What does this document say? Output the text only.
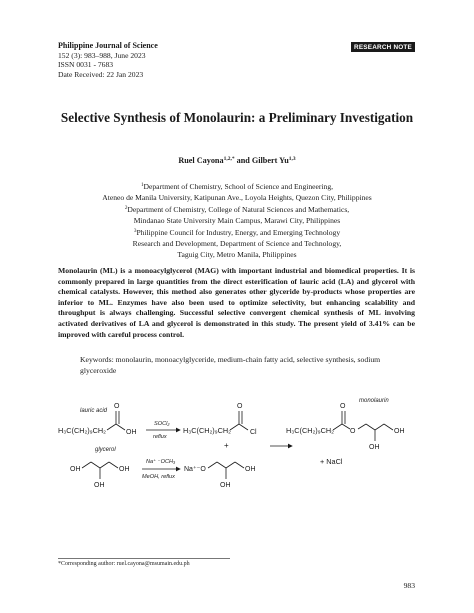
Philippine Journal of Science
152 (3): 983–988, June 2023
ISSN 0031 - 7683
Date Received: 22 Jan 2023
RESEARCH NOTE
Selective Synthesis of Monolaurin: a Preliminary Investigation
Ruel Cayona$^{1,2,*}$ and Gilbert Yu$^{1,3}$
$^1$Department of Chemistry, School of Science and Engineering,
Ateneo de Manila University, Katipunan Ave., Loyola Heights, Quezon City, Philippines
$^2$Department of Chemistry, College of Natural Sciences and Mathematics,
Mindanao State University Main Campus, Marawi City, Philippines
$^3$Philippine Council for Industry, Energy, and Emerging Technology
Research and Development, Department of Science and Technology,
Taguig City, Metro Manila, Philippines
Monolaurin (ML) is a monoacylglycerol (MAG) with important industrial and biomedical properties. It is commonly prepared in large quantities from the direct esterification of lauric acid (LA) and glycerol with chemical catalysts. However, this method also generates other glyceride by-products whose properties are inferior to ML. Enzymes have also been used to optimize selectivity, but enhancing scalability and throughput is always challenging. Successful selective convergent chemical synthesis of ML involving activated derivatives of LA and glycerol is demonstrated in this study. The present yield of 3.41% can be improved with careful process control.
Keywords: monolaurin, monoacylglyceride, medium-chain fatty acid, selective synthesis, sodium glyceroxide
lauric acid
H₃C(CH₂)₉CH₂
O
OH
SOCl₂
reflux
H₃C(CH₂)₉CH₂
O
Cl
+
glycerol
OH	OH
OH
Na⁺ ⁻OCH₃
MeOH, reflux
Na⁺⁻O	OH
OH
monolaurin
H₃C(CH₂)₉CH₂
O
O	OH
OH
+ NaCl
*Corresponding author: ruel.cayona@msumain.edu.ph
983
